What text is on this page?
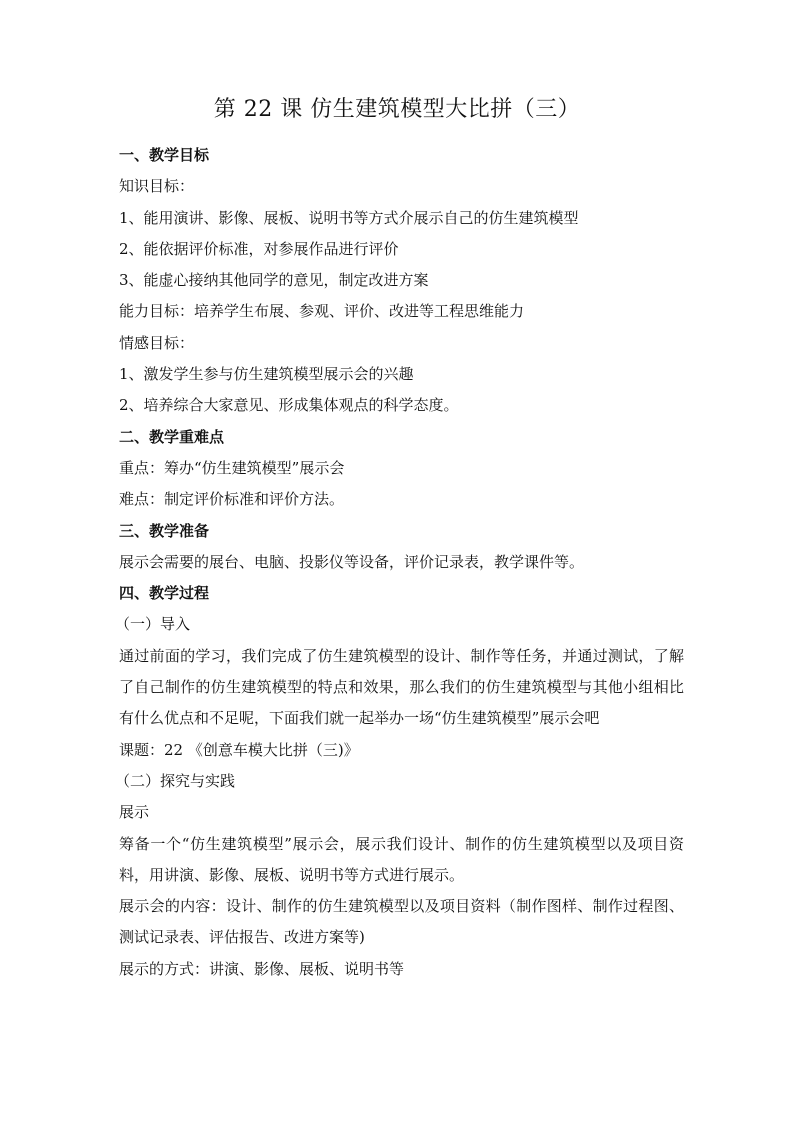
第 22 课 仿生建筑模型大比拼（三）
一、教学目标
知识目标：
1、能用演讲、影像、展板、说明书等方式介展示自己的仿生建筑模型
2、能依据评价标准，对参展作品进行评价
3、能虚心接纳其他同学的意见，制定改进方案
能力目标：培养学生布展、参观、评价、改进等工程思维能力
情感目标：
1、激发学生参与仿生建筑模型展示会的兴趣
2、培养综合大家意见、形成集体观点的科学态度。
二、教学重难点
重点：筹办“仿生建筑模型”展示会
难点：制定评价标准和评价方法。
三、教学准备
展示会需要的展台、电脑、投影仪等设备，评价记录表，教学课件等。
四、教学过程
（一）导入
通过前面的学习，我们完成了仿生建筑模型的设计、制作等任务，并通过测试，了解了自己制作的仿生建筑模型的特点和效果，那么我们的仿生建筑模型与其他小组相比有什么优点和不足呢，下面我们就一起举办一场“仿生建筑模型”展示会吧
课题：22 《创意车模大比拼（三)》
（二）探究与实践
展示
筹备一个“仿生建筑模型”展示会，展示我们设计、制作的仿生建筑模型以及项目资料，用讲演、影像、展板、说明书等方式进行展示。
展示会的内容：设计、制作的仿生建筑模型以及项目资料（制作图样、制作过程图、测试记录表、评估报告、改进方案等)
展示的方式：讲演、影像、展板、说明书等
